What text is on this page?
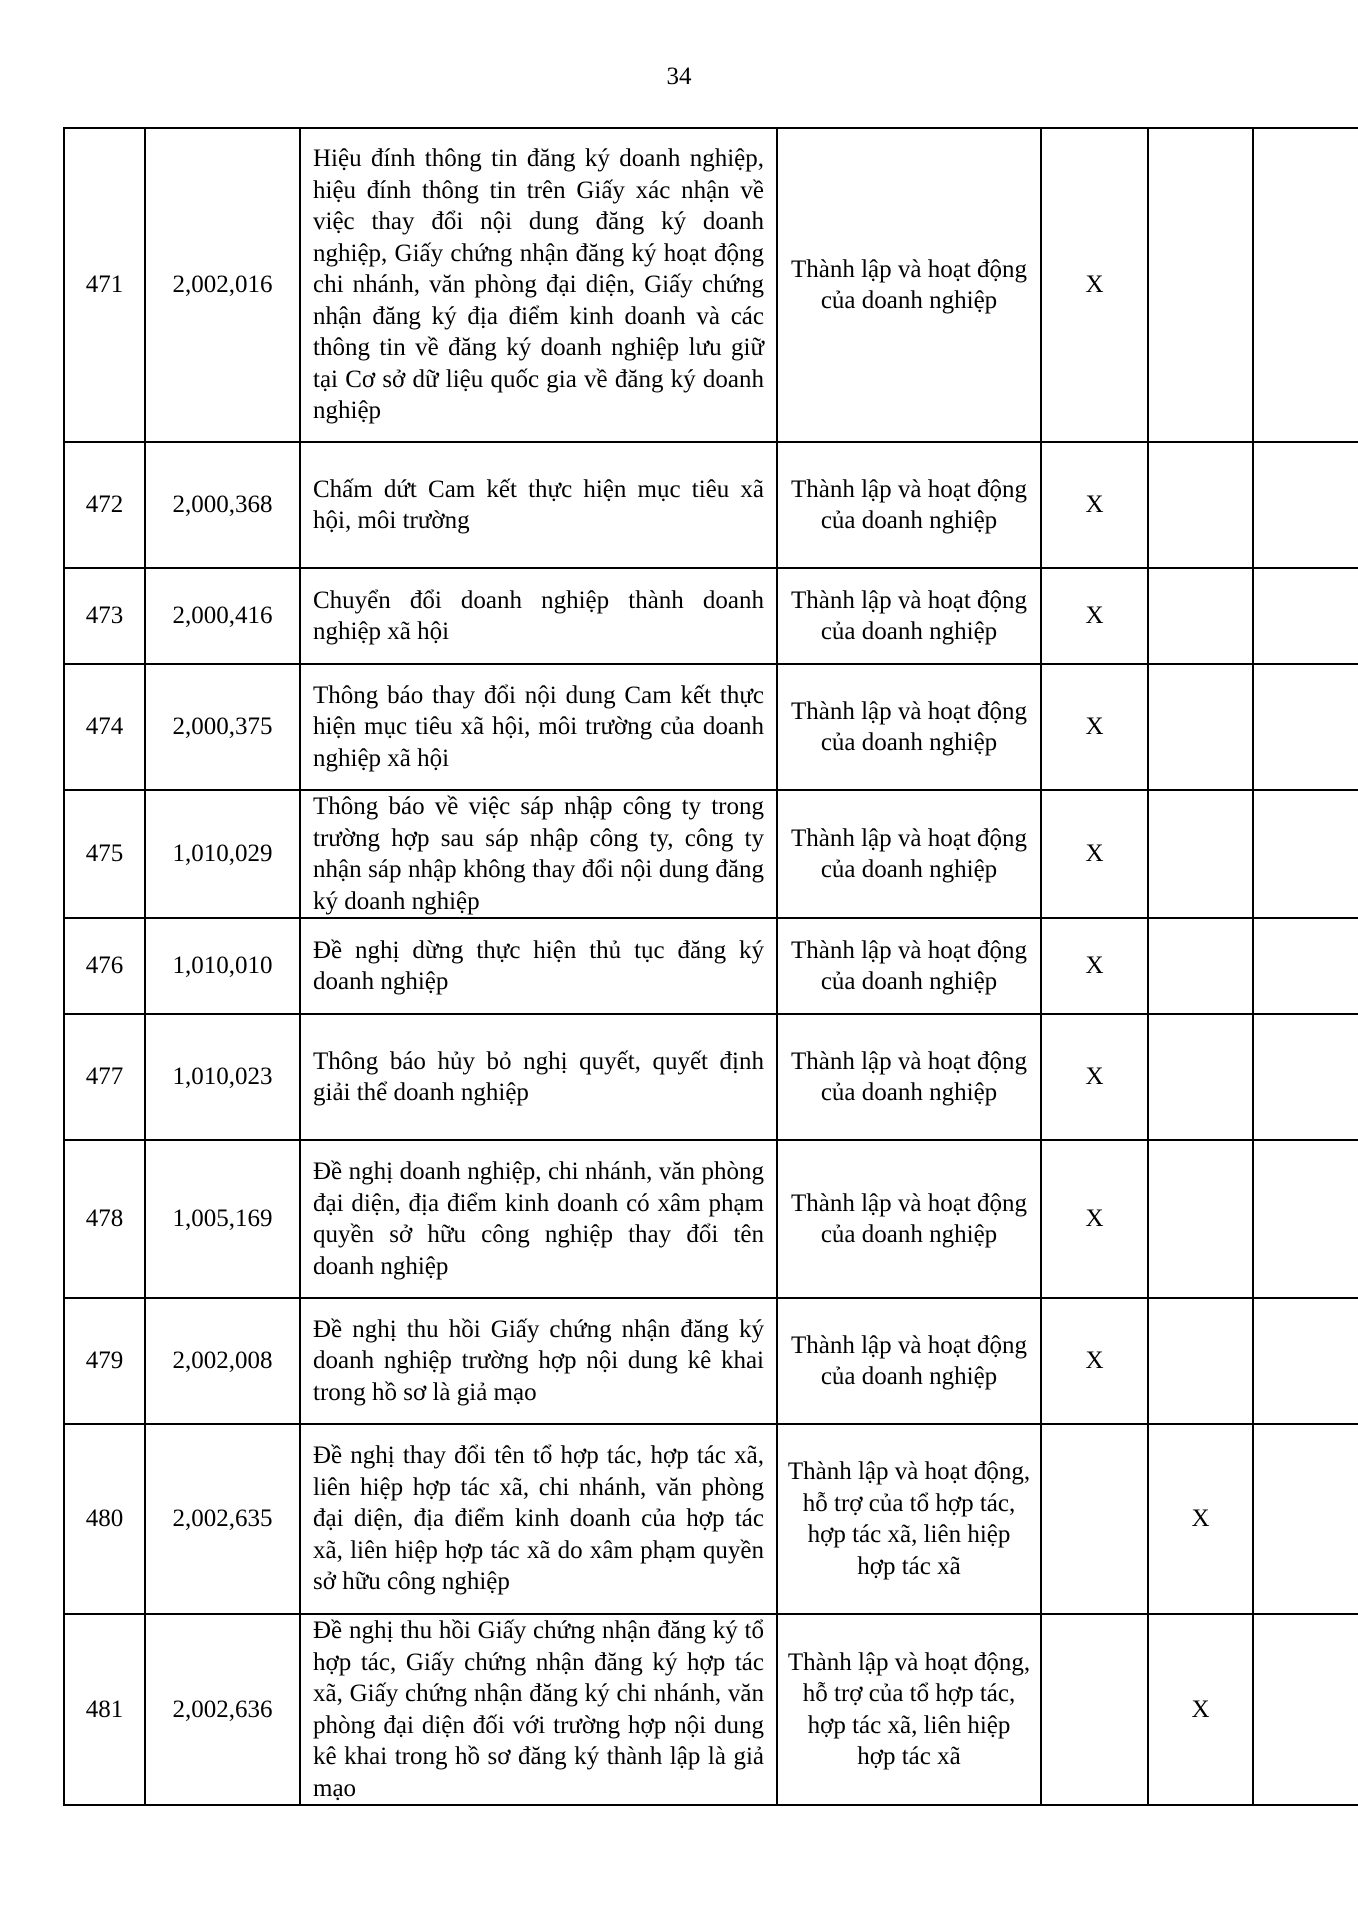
34
471	2,002,016	Hiệu đính thông tin đăng ký doanh nghiệp, hiệu đính thông tin trên Giấy xác nhận về việc thay đổi nội dung đăng ký doanh nghiệp, Giấy chứng nhận đăng ký hoạt động chi nhánh, văn phòng đại diện, Giấy chứng nhận đăng ký địa điểm kinh doanh và các thông tin về đăng ký doanh nghiệp lưu giữ tại Cơ sở dữ liệu quốc gia về đăng ký doanh nghiệp	Thành lập và hoạt động của doanh nghiệp	X		
472	2,000,368	Chấm dứt Cam kết thực hiện mục tiêu xã hội, môi trường	Thành lập và hoạt động của doanh nghiệp	X		
473	2,000,416	Chuyển đổi doanh nghiệp thành doanh nghiệp xã hội	Thành lập và hoạt động của doanh nghiệp	X		
474	2,000,375	Thông báo thay đổi nội dung Cam kết thực hiện mục tiêu xã hội, môi trường của doanh nghiệp xã hội	Thành lập và hoạt động của doanh nghiệp	X		
475	1,010,029	Thông báo về việc sáp nhập công ty trong trường hợp sau sáp nhập công ty, công ty nhận sáp nhập không thay đổi nội dung đăng ký doanh nghiệp	Thành lập và hoạt động của doanh nghiệp	X		
476	1,010,010	Đề nghị dừng thực hiện thủ tục đăng ký doanh nghiệp	Thành lập và hoạt động của doanh nghiệp	X		
477	1,010,023	Thông báo hủy bỏ nghị quyết, quyết định giải thể doanh nghiệp	Thành lập và hoạt động của doanh nghiệp	X		
478	1,005,169	Đề nghị doanh nghiệp, chi nhánh, văn phòng đại diện, địa điểm kinh doanh có xâm phạm quyền sở hữu công nghiệp thay đổi tên doanh nghiệp	Thành lập và hoạt động của doanh nghiệp	X		
479	2,002,008	Đề nghị thu hồi Giấy chứng nhận đăng ký doanh nghiệp trường hợp nội dung kê khai trong hồ sơ là giả mạo	Thành lập và hoạt động của doanh nghiệp	X		
480	2,002,635	Đề nghị thay đổi tên tổ hợp tác, hợp tác xã, liên hiệp hợp tác xã, chi nhánh, văn phòng đại diện, địa điểm kinh doanh của hợp tác xã, liên hiệp hợp tác xã do xâm phạm quyền sở hữu công nghiệp	Thành lập và hoạt động, hỗ trợ của tổ hợp tác, hợp tác xã, liên hiệp hợp tác xã		X	
481	2,002,636	Đề nghị thu hồi Giấy chứng nhận đăng ký tổ hợp tác, Giấy chứng nhận đăng ký hợp tác xã, Giấy chứng nhận đăng ký chi nhánh, văn phòng đại diện đối với trường hợp nội dung kê khai trong hồ sơ đăng ký thành lập là giả mạo	Thành lập và hoạt động, hỗ trợ của tổ hợp tác, hợp tác xã, liên hiệp hợp tác xã		X	
